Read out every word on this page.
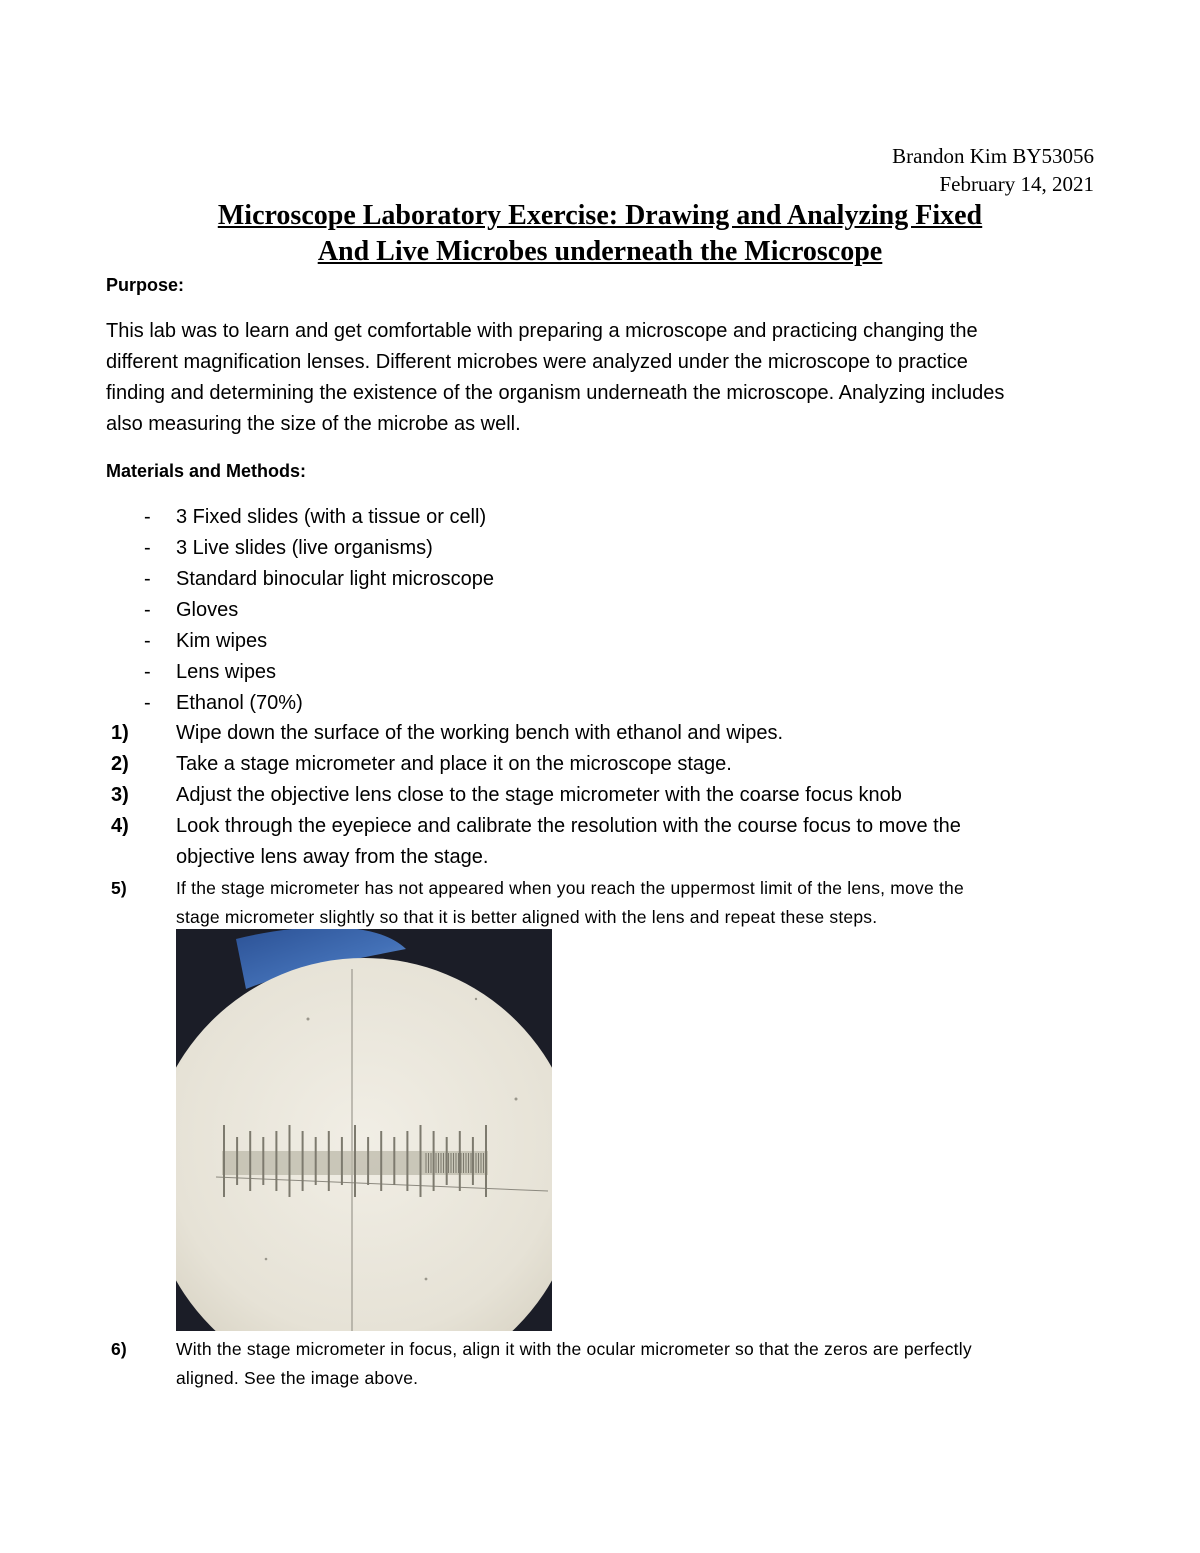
Brandon Kim BY53056
February 14, 2021
Microscope Laboratory Exercise: Drawing and Analyzing Fixed
And Live Microbes underneath the Microscope
Purpose:
This lab was to learn and get comfortable with preparing a microscope and practicing changing the
different magnification lenses. Different microbes were analyzed under the microscope to practice
finding and determining the existence of the organism underneath the microscope. Analyzing includes
also measuring the size of the microbe as well.
Materials and Methods:
- 3 Fixed slides (with a tissue or cell)
- 3 Live slides (live organisms)
- Standard binocular light microscope
- Gloves
- Kim wipes
- Lens wipes
- Ethanol (70%)
1) Wipe down the surface of the working bench with ethanol and wipes.
2) Take a stage micrometer and place it on the microscope stage.
3) Adjust the objective lens close to the stage micrometer with the coarse focus knob
4) Look through the eyepiece and calibrate the resolution with the course focus to move the
objective lens away from the stage.
5)	If the stage micrometer has not appeared when you reach the uppermost limit of the lens, move the
stage micrometer slightly so that it is better aligned with the lens and repeat these steps.
6)	With the stage micrometer in focus, align it with the ocular micrometer so that the zeros are perfectly
aligned. See the image above.
